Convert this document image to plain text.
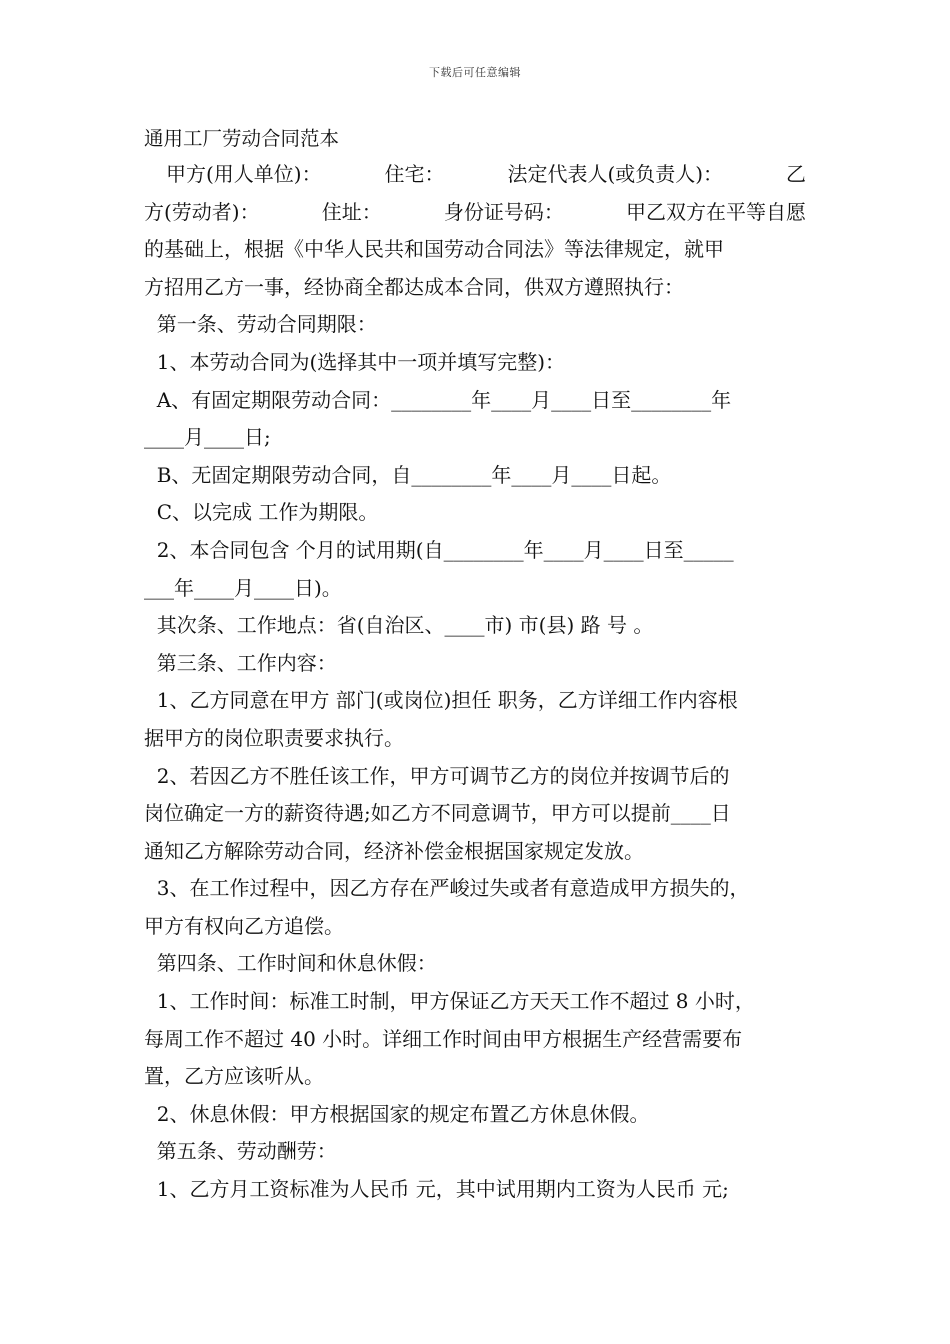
下载后可任意编辑
通用工厂劳动合同范本
甲方(用人单位)：	住宅：	法定代表人(或负责人)：	乙
方(劳动者)：	住址：	身份证号码：	甲乙双方在平等自愿
的基础上，根据《中华人民共和国劳动合同法》等法律规定，就甲
方招用乙方一事，经协商全都达成本合同，供双方遵照执行：
第一条、劳动合同期限：
1、本劳动合同为(选择其中一项并填写完整)：
A、有固定期限劳动合同：________年____月____日至________年
____月____日;
B、无固定期限劳动合同，自________年____月____日起。
C、以完成 工作为期限。
2、本合同包含 个月的试用期(自________年____月____日至_____
___年____月____日)。
其次条、工作地点：省(自治区、____市) 市(县) 路 号 。
第三条、工作内容：
1、乙方同意在甲方 部门(或岗位)担任 职务，乙方详细工作内容根
据甲方的岗位职责要求执行。
2、若因乙方不胜任该工作，甲方可调节乙方的岗位并按调节后的
岗位确定一方的薪资待遇;如乙方不同意调节，甲方可以提前____日
通知乙方解除劳动合同，经济补偿金根据国家规定发放。
3、在工作过程中，因乙方存在严峻过失或者有意造成甲方损失的，
甲方有权向乙方追偿。
第四条、工作时间和休息休假：
1、工作时间：标准工时制，甲方保证乙方天天工作不超过 8 小时，
每周工作不超过 40 小时。详细工作时间由甲方根据生产经营需要布
置，乙方应该听从。
2、休息休假：甲方根据国家的规定布置乙方休息休假。
第五条、劳动酬劳：
1、乙方月工资标准为人民币 元，其中试用期内工资为人民币 元;
